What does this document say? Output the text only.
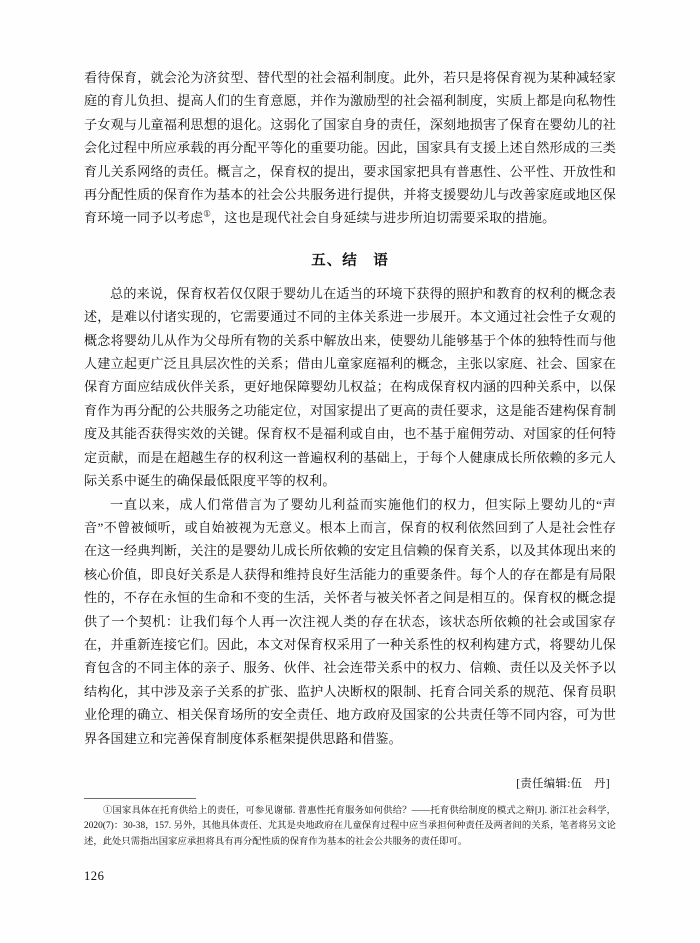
看待保育，就会沦为济贫型、替代型的社会福利制度。此外，若只是将保育视为某种减轻家庭的育儿负担、提高人们的生育意愿，并作为激励型的社会福利制度，实质上都是向私物性子女观与儿童福利思想的退化。这弱化了国家自身的责任，深刻地损害了保育在婴幼儿的社会化过程中所应承载的再分配平等化的重要功能。因此，国家具有支援上述自然形成的三类育儿关系网络的责任。概言之，保育权的提出，要求国家把具有普惠性、公平性、开放性和再分配性质的保育作为基本的社会公共服务进行提供，并将支援婴幼儿与改善家庭或地区保育环境一同予以考虑①，这也是现代社会自身延续与进步所迫切需要采取的措施。

五、结　语

总的来说，保育权若仅仅限于婴幼儿在适当的环境下获得的照护和教育的权利的概念表述，是难以付诸实现的，它需要通过不同的主体关系进一步展开。本文通过社会性子女观的概念将婴幼儿从作为父母所有物的关系中解放出来，使婴幼儿能够基于个体的独特性而与他人建立起更广泛且具层次性的关系；借由儿童家庭福利的概念，主张以家庭、社会、国家在保育方面应结成伙伴关系，更好地保障婴幼儿权益；在构成保育权内涵的四种关系中，以保育作为再分配的公共服务之功能定位，对国家提出了更高的责任要求，这是能否建构保育制度及其能否获得实效的关键。保育权不是福利或自由，也不基于雇佣劳动、对国家的任何特定贡献，而是在超越生存的权利这一普遍权利的基础上，于每个人健康成长所依赖的多元人际关系中诞生的确保最低限度平等的权利。

一直以来，成人们常借言为了婴幼儿利益而实施他们的权力，但实际上婴幼儿的“声音”不曾被倾听，或自始被视为无意义。根本上而言，保育的权利依然回到了人是社会性存在这一经典判断，关注的是婴幼儿成长所依赖的安定且信赖的保育关系，以及其体现出来的核心价值，即良好关系是人获得和维持良好生活能力的重要条件。每个人的存在都是有局限性的，不存在永恒的生命和不变的生活，关怀者与被关怀者之间是相互的。保育权的概念提供了一个契机：让我们每个人再一次注视人类的存在状态，该状态所依赖的社会或国家存在，并重新连接它们。因此，本文对保育权采用了一种关系性的权利构建方式，将婴幼儿保育包含的不同主体的亲子、服务、伙伴、社会连带关系中的权力、信赖、责任以及关怀予以结构化，其中涉及亲子关系的扩张、监护人决断权的限制、托育合同关系的规范、保育员职业伦理的确立、相关保育场所的安全责任、地方政府及国家的公共责任等不同内容，可为世界各国建立和完善保育制度体系框架提供思路和借鉴。

[责任编辑:伍　丹]

①国家具体在托育供给上的责任，可参见谢郁. 普惠性托育服务如何供给？——托育供给制度的模式之辩[J]. 浙江社会科学，2020(7)：30-38，157. 另外，其他具体责任、尤其是央地政府在儿童保育过程中应当承担何种责任及两者间的关系，笔者将另文论述，此处只需指出国家应承担将具有再分配性质的保育作为基本的社会公共服务的责任即可。

126
